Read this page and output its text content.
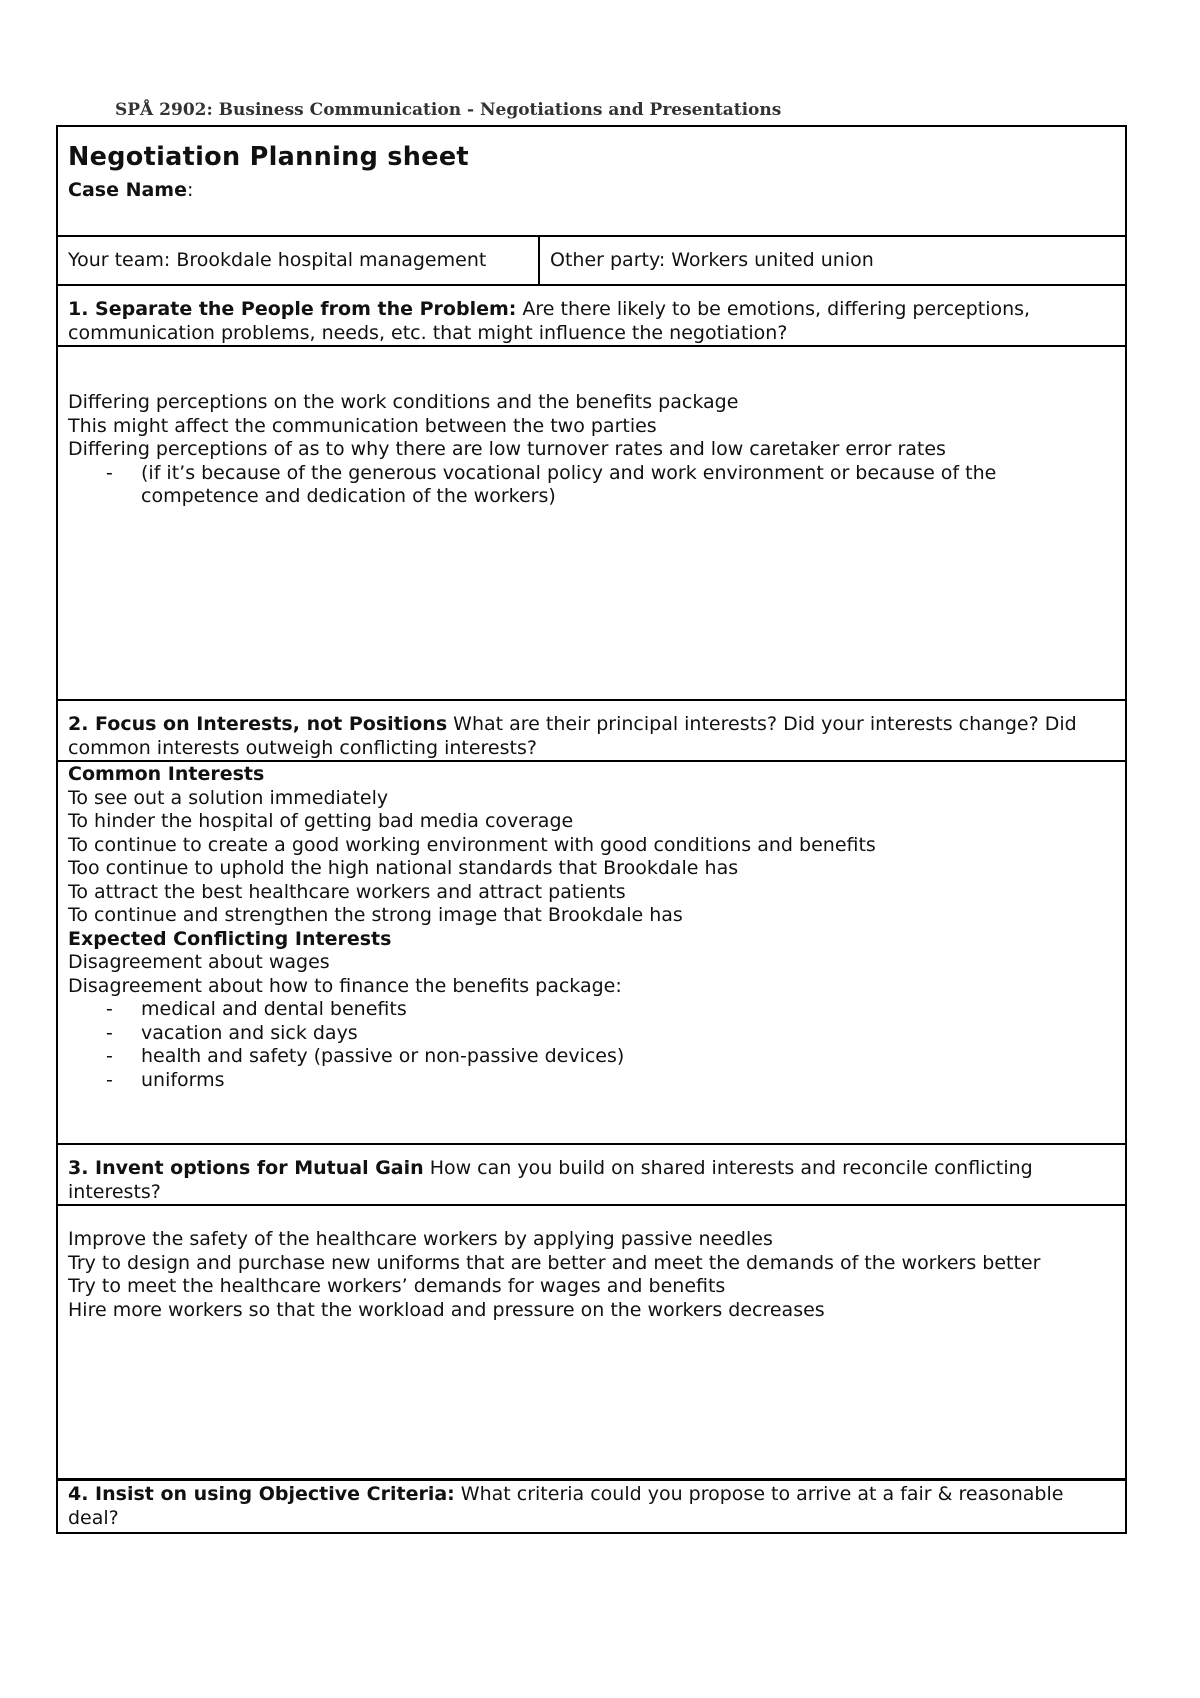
SPÅ 2902: Business Communication - Negotiations and Presentations
Negotiation Planning sheet
Case Name:

Your team: Brookdale hospital management	Other party: Workers united union
1. Separate the People from the Problem: Are there likely to be emotions, differing perceptions, communication problems, needs, etc. that might influence the negotiation?

Differing perceptions on the work conditions and the benefits package
This might affect the communication between the two parties
Differing perceptions of as to why there are low turnover rates and low caretaker error rates
- (if it’s because of the generous vocational policy and work environment or because of the competence and dedication of the workers)

2. Focus on Interests, not Positions What are their principal interests? Did your interests change? Did common interests outweigh conflicting interests?

Common Interests
To see out a solution immediately
To hinder the hospital of getting bad media coverage
To continue to create a good working environment with good conditions and benefits
Too continue to uphold the high national standards that Brookdale has
To attract the best healthcare workers and attract patients
To continue and strengthen the strong image that Brookdale has
Expected Conflicting Interests
Disagreement about wages
Disagreement about how to finance the benefits package:
- medical and dental benefits
- vacation and sick days
- health and safety (passive or non-passive devices)
- uniforms

3. Invent options for Mutual Gain How can you build on shared interests and reconcile conflicting interests?

Improve the safety of the healthcare workers by applying passive needles
Try to design and purchase new uniforms that are better and meet the demands of the workers better
Try to meet the healthcare workers’ demands for wages and benefits
Hire more workers so that the workload and pressure on the workers decreases

4. Insist on using Objective Criteria: What criteria could you propose to arrive at a fair & reasonable deal?
